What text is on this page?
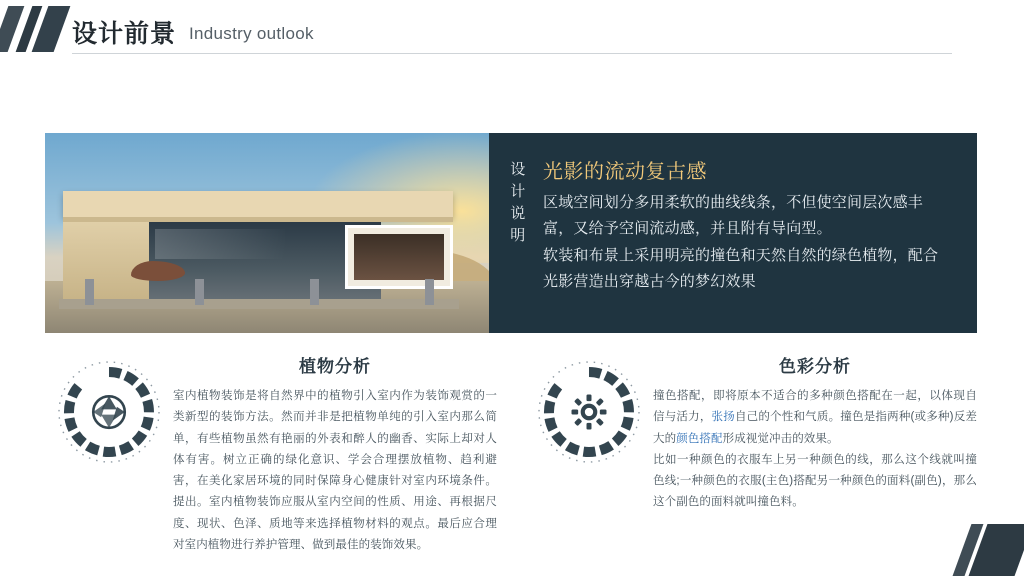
设计前景 Industry outlook
设计说明 光影的流动复古感

区域空间划分多用柔软的曲线线条，不但使空间层次感丰富，又给予空间流动感，并且附有导向型。

软装和布景上采用明亮的撞色和天然自然的绿色植物，配合光影营造出穿越古今的梦幻效果

植物分析

室内植物装饰是将自然界中的植物引入室内作为装饰观赏的一类新型的装饰方法。然而并非是把植物单纯的引入室内那么简单，有些植物虽然有艳丽的外表和醉人的幽香、实际上却对人体有害。树立正确的绿化意识、学会合理摆放植物、趋利避害，在美化家居环境的同时保障身心健康针对室内环境条件。提出。室内植物装饰应服从室内空间的性质、用途、再根据尺度、现状、色泽、质地等来选择植物材料的观点。最后应合理对室内植物进行养护管理、做到最佳的装饰效果。

色彩分析

撞色搭配，即将原本不适合的多种颜色搭配在一起，以体现自信与活力，张扬自己的个性和气质。撞色是指两种(或多种)反差大的颜色搭配形成视觉冲击的效果。

比如一种颜色的衣服车上另一种颜色的线，那么这个线就叫撞色线;一种颜色的衣服(主色)搭配另一种颜色的面料(副色)，那么这个副色的面料就叫撞色料。
